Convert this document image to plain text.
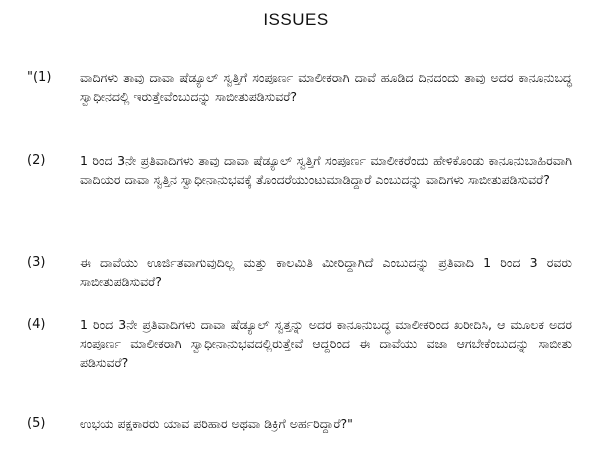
ISSUES
"(1) ವಾದಿಗಳು ತಾವು ದಾವಾ ಷೆಡ್ಯೂಲ್ ಸ್ವತ್ತಿಗೆ ಸಂಪೂರ್ಣ ಮಾಲೀಕರಾಗಿ ದಾವೆ ಹೂಡಿದ ದಿನದಂದು ತಾವು ಅದರ ಕಾನೂನುಬದ್ಧ ಸ್ವಾಧೀನದಲ್ಲಿ ಇರುತ್ತೇವೆಂಬುದನ್ನು ಸಾಬೀತುಪಡಿಸುವರೆ?
(2)	1 ರಿಂದ 3ನೇ ಪ್ರತಿವಾದಿಗಳು ತಾವು ದಾವಾ ಷೆಡ್ಯೂಲ್ ಸ್ವತ್ತಿಗೆ ಸಂಪೂರ್ಣ ಮಾಲೀಕರೆಂದು ಹೇಳಿಕೊಂಡು ಕಾನೂನುಬಾಹಿರವಾಗಿ ವಾದಿಯರ ದಾವಾ ಸ್ವತ್ತಿನ ಸ್ವಾಧೀನಾನುಭವಕ್ಕೆ ತೊಂದರೆಯುಂಟುಮಾಡಿದ್ದಾರೆ ಎಂಬುದನ್ನು ವಾದಿಗಳು ಸಾಬೀತುಪಡಿಸುವರೆ?
(3)	ಈ ದಾವೆಯು ಊರ್ಜಿತವಾಗುವುದಿಲ್ಲ ಮತ್ತು ಕಾಲಮಿತಿ ಮೀರಿದ್ದಾಗಿದೆ ಎಂಬುದನ್ನು ಪ್ರತಿವಾದಿ 1 ರಿಂದ 3 ರವರು ಸಾಬೀತುಪಡಿಸುವರೆ?
(4)	1 ರಿಂದ 3ನೇ ಪ್ರತಿವಾದಿಗಳು ದಾವಾ ಷೆಡ್ಯೂಲ್ ಸ್ವತ್ತನ್ನು ಅದರ ಕಾನೂನುಬದ್ಧ ಮಾಲೀಕರಿಂದ ಖರೀದಿಸಿ, ಆ ಮೂಲಕ ಅದರ ಸಂಪೂರ್ಣ ಮಾಲೀಕರಾಗಿ ಸ್ವಾಧೀನಾನುಭವದಲ್ಲಿರುತ್ತೇವೆ ಆದ್ದರಿಂದ ಈ ದಾವೆಯು ವಜಾ ಆಗಬೇಕೆಂಬುದನ್ನು ಸಾಬೀತು ಪಡಿಸುವರೆ?
(5)	ಉಭಯ ಪಕ್ಷಕಾರರು ಯಾವ ಪರಿಹಾರ ಅಥವಾ ಡಿಕ್ರಿಗೆ ಅರ್ಹರಿದ್ದಾರೆ?"
